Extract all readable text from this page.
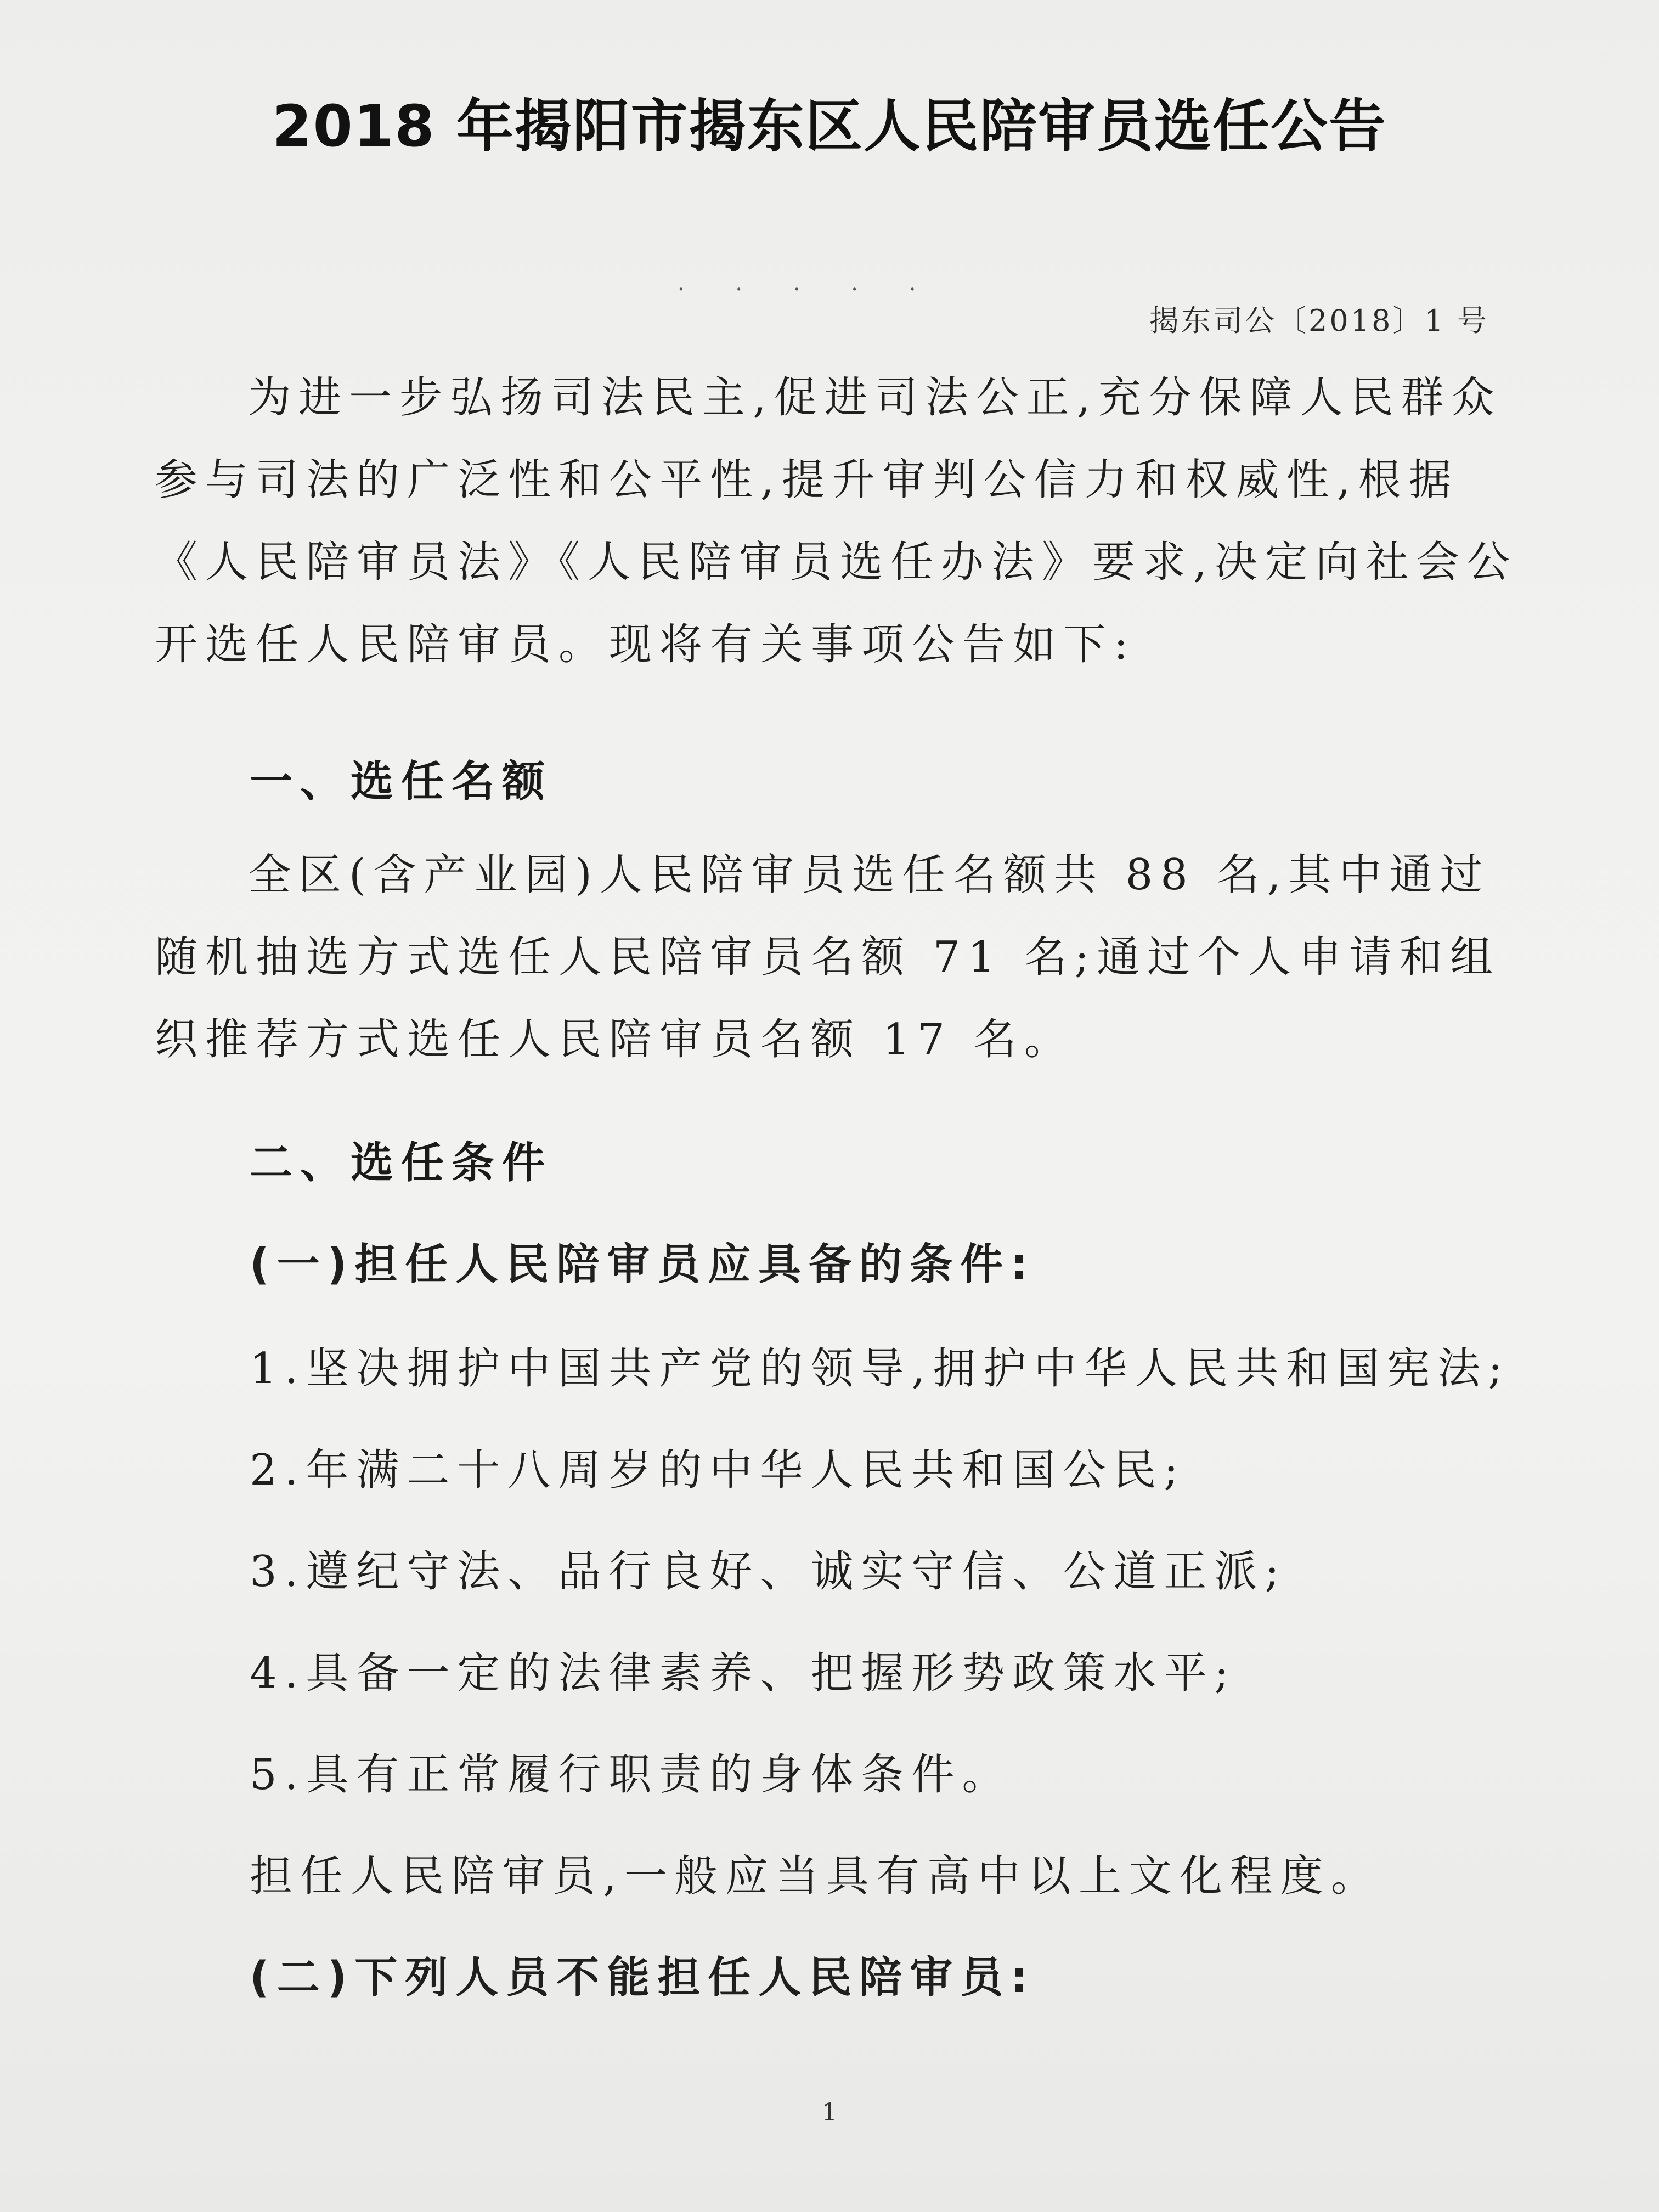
2018 年揭阳市揭东区人民陪审员选任公告
· · · · ·
揭东司公〔2018〕1 号

为进一步弘扬司法民主,促进司法公正,充分保障人民群众参与司法的广泛性和公平性,提升审判公信力和权威性,根据《人民陪审员法》《人民陪审员选任办法》要求,决定向社会公开选任人民陪审员。现将有关事项公告如下:

一、选任名额

全区(含产业园)人民陪审员选任名额共 88 名,其中通过随机抽选方式选任人民陪审员名额 71 名;通过个人申请和组织推荐方式选任人民陪审员名额 17 名。

二、选任条件
(一)担任人民陪审员应具备的条件:
1.坚决拥护中国共产党的领导,拥护中华人民共和国宪法;
2.年满二十八周岁的中华人民共和国公民;
3.遵纪守法、品行良好、诚实守信、公道正派;
4.具备一定的法律素养、把握形势政策水平;
5.具有正常履行职责的身体条件。
担任人民陪审员,一般应当具有高中以上文化程度。
(二)下列人员不能担任人民陪审员:
1
